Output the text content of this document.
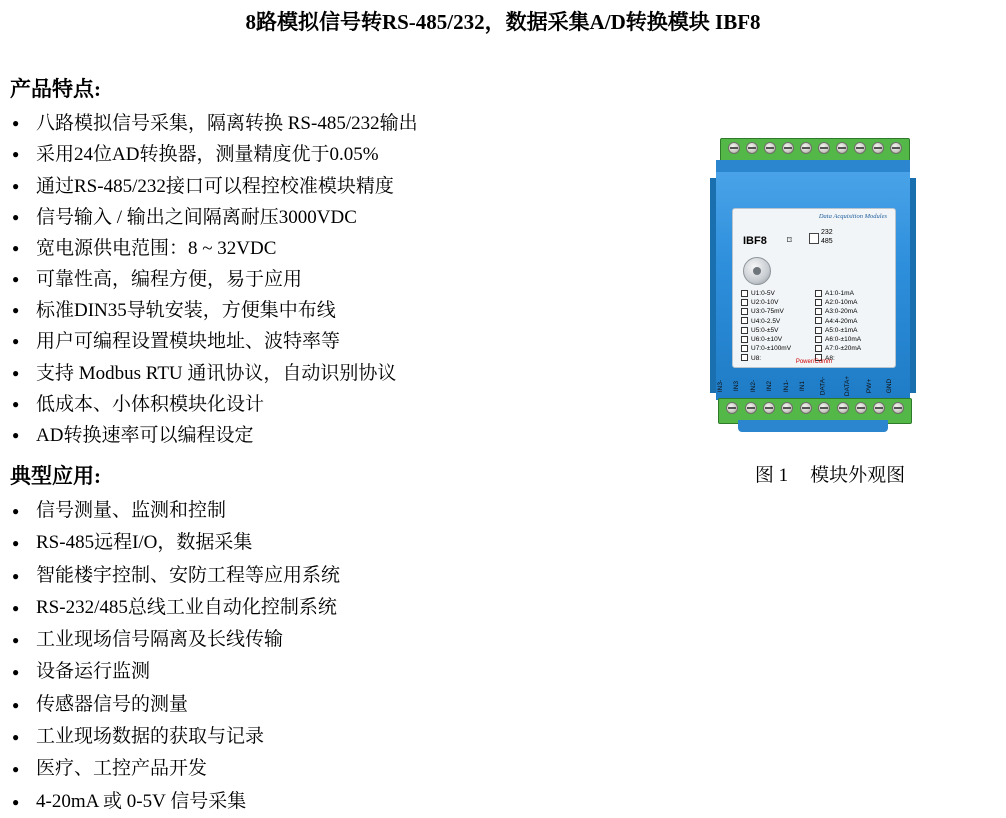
8路模拟信号转RS-485/232，数据采集A/D转换模块 IBF8
产品特点:
● 八路模拟信号采集，隔离转换 RS-485/232输出
● 采用24位AD转换器，测量精度优于0.05%
● 通过RS-485/232接口可以程控校准模块精度
● 信号输入 / 输出之间隔离耐压3000VDC
● 宽电源供电范围：8 ~ 32VDC
● 可靠性高，编程方便，易于应用
● 标准DIN35导轨安装，方便集中布线
● 用户可编程设置模块地址、波特率等
● 支持 Modbus RTU 通讯协议，自动识别协议
● 低成本、小体积模块化设计
● AD转换速率可以编程设定
典型应用:
● 信号测量、监测和控制
● RS-485远程I/O，数据采集
● 智能楼宇控制、安防工程等应用系统
● RS-232/485总线工业自动化控制系统
● 工业现场信号隔离及长线传输
● 设备运行监测
● 传感器信号的测量
● 工业现场数据的获取与记录
● 医疗、工控产品开发
● 4-20mA 或 0-5V 信号采集
Data Acquisition Modules
IBF8 ⌑
232
485
U1:0-5V
U2:0-10V
U3:0-75mV
U4:0-2.5V
U5:0-±5V
U6:0-±10V
U7:0-±100mV
U8:
A1:0-1mA
A2:0-10mA
A3:0-20mA
A4:4-20mA
A5:0-±1mA
A6:0-±10mA
A7:0-±20mA
A8:
Power/Comm
IN3-	IN3	IN2-	IN2	IN1-	IN1	DATA-	DATA+	PW+	GND
图 1 模块外观图
